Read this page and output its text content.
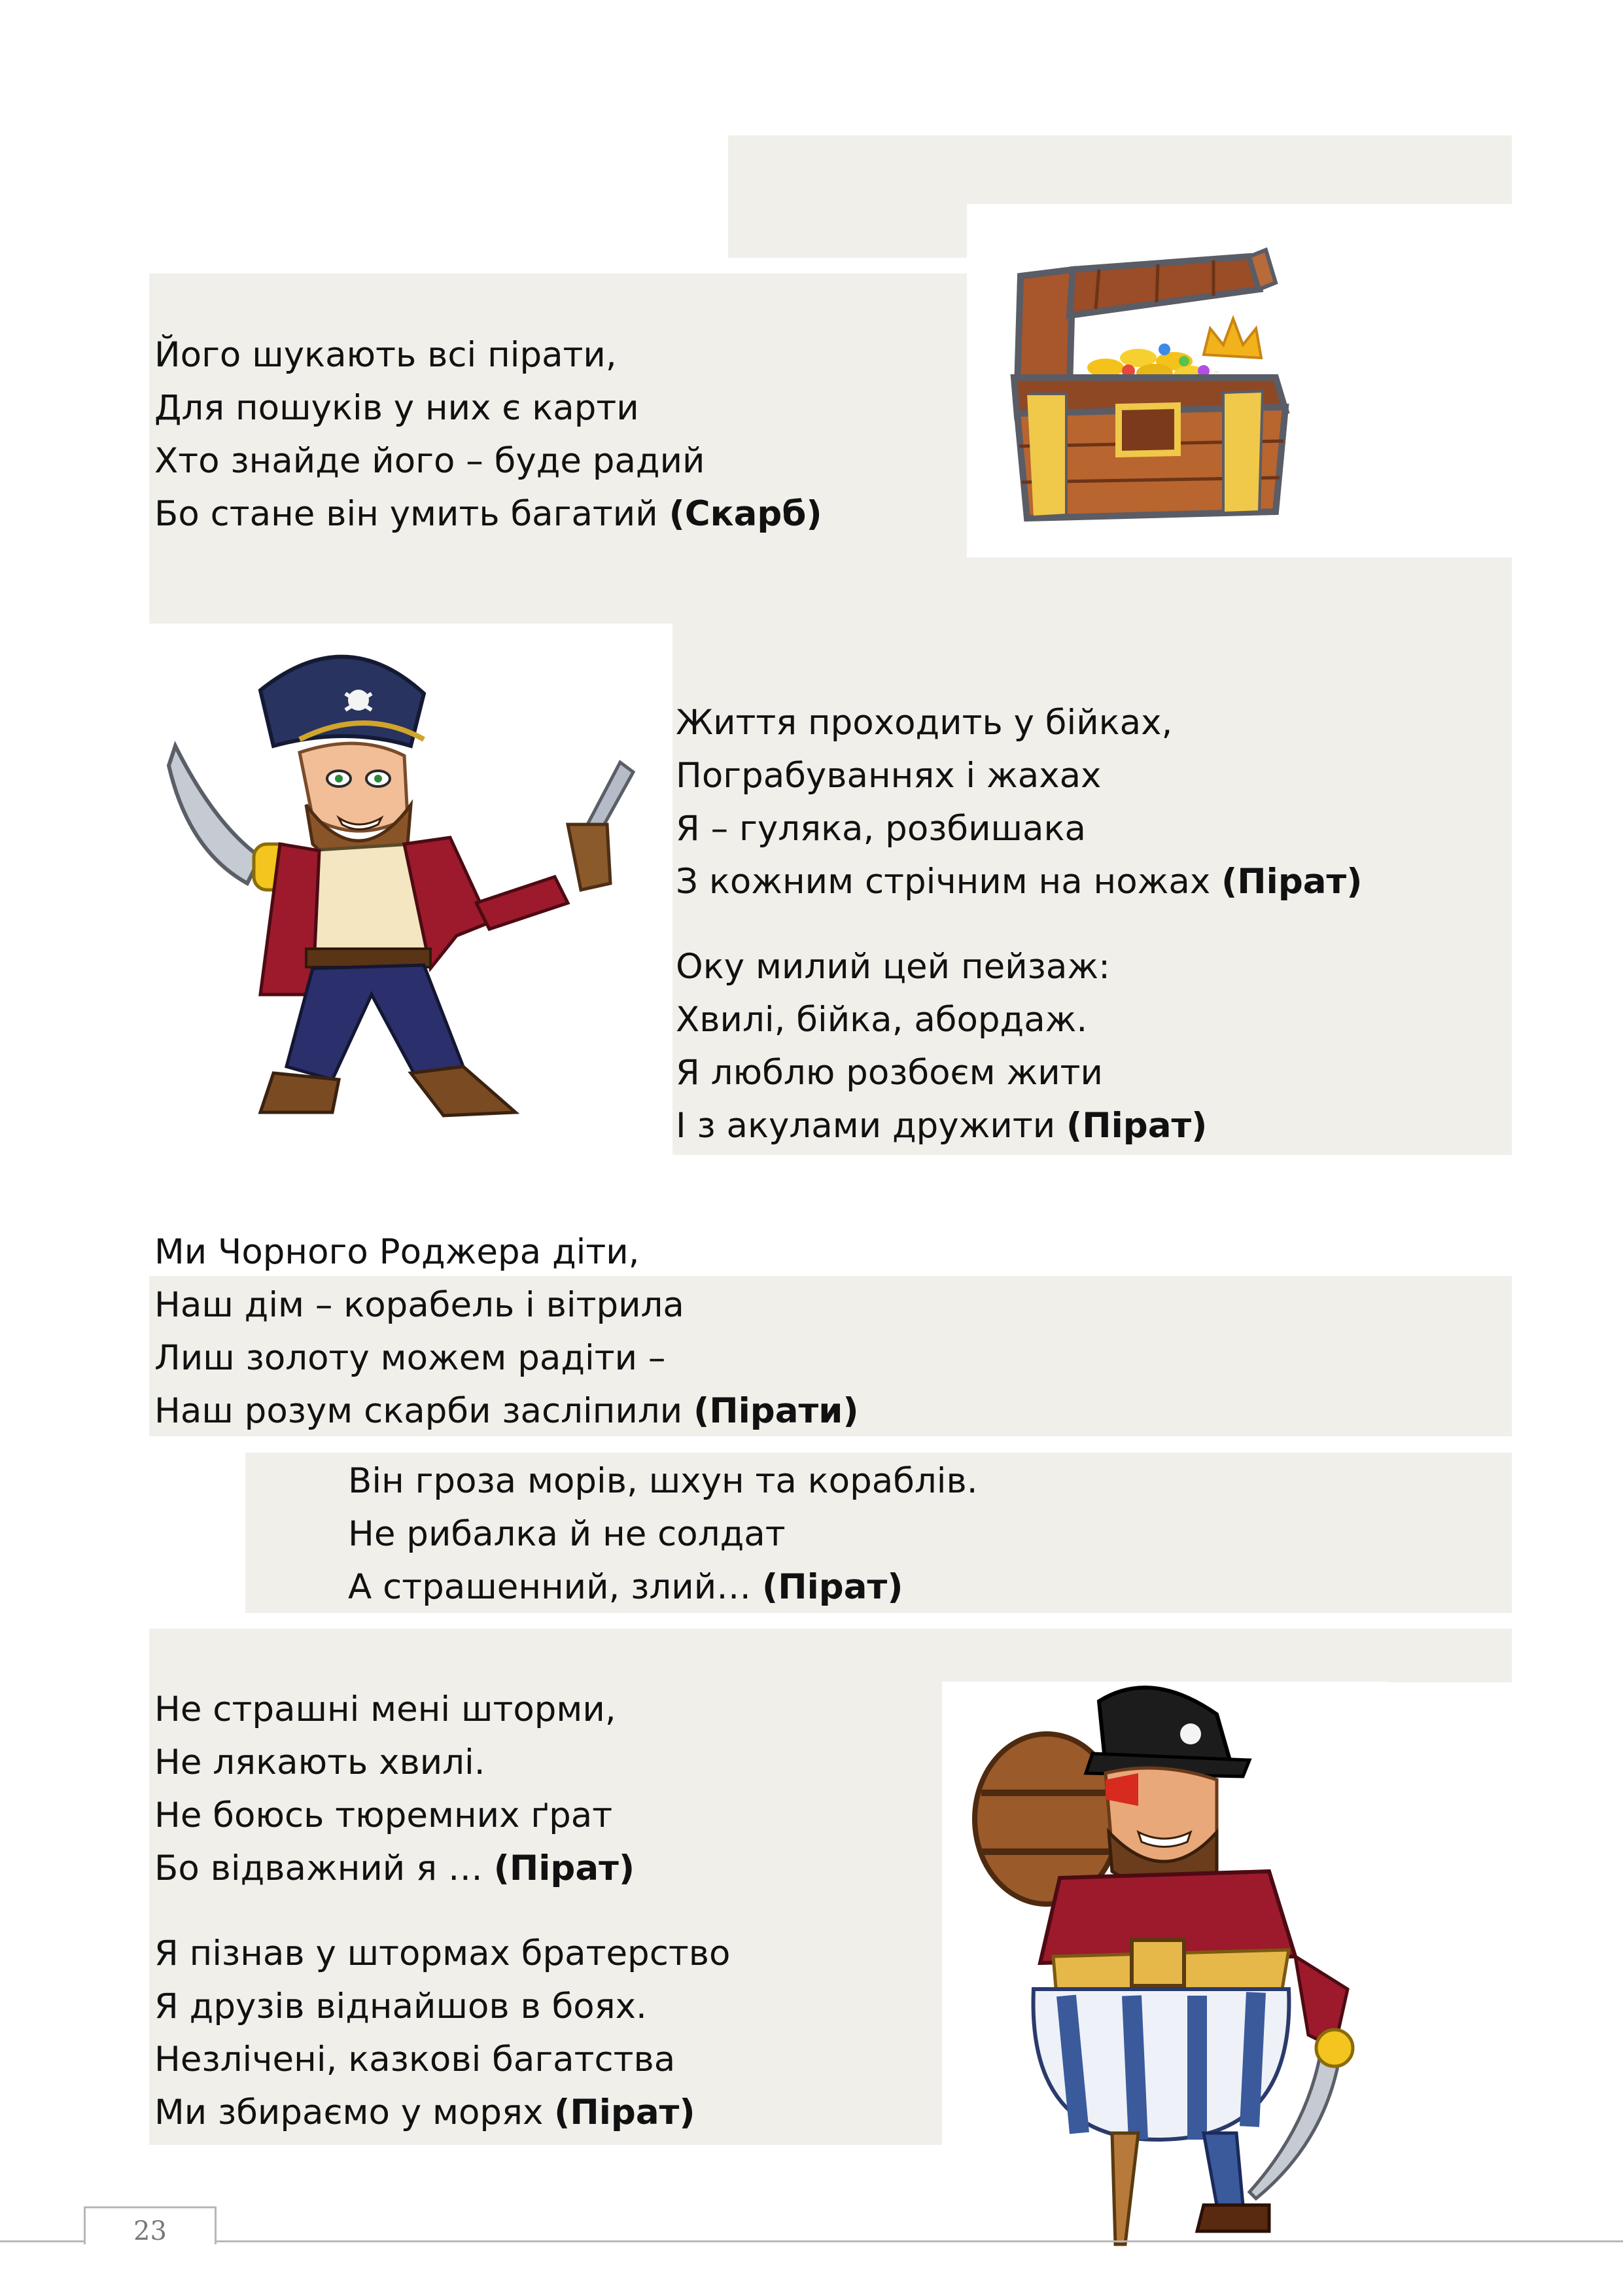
Його шукають всі пірати,
Для пошуків у них є карти
Хто знайде його – буде радий
Бо стане він умить багатий (Скарб)
Життя проходить у бійках,
Пограбуваннях і жахах
Я – гуляка, розбишака
З кожним стрічним на ножах (Пірат)
Оку милий цей пейзаж:
Хвилі, бійка, абордаж.
Я люблю розбоєм жити
І з акулами дружити (Пірат)
Ми Чорного Роджера діти,
Наш дім – корабель і вітрила
Лиш золоту можем радіти –
Наш розум скарби засліпили (Пірати)
Він гроза морів, шхун та кораблів.
Не рибалка й не солдат
А страшенний, злий… (Пірат)
Не страшні мені шторми,
Не лякають хвилі.
Не боюсь тюремних ґрат
Бо відважний я … (Пірат)
Я пізнав у штормах братерство
Я друзів віднайшов в боях.
Незлічені, казкові багатства
Ми збираємо у морях (Пірат)
23
